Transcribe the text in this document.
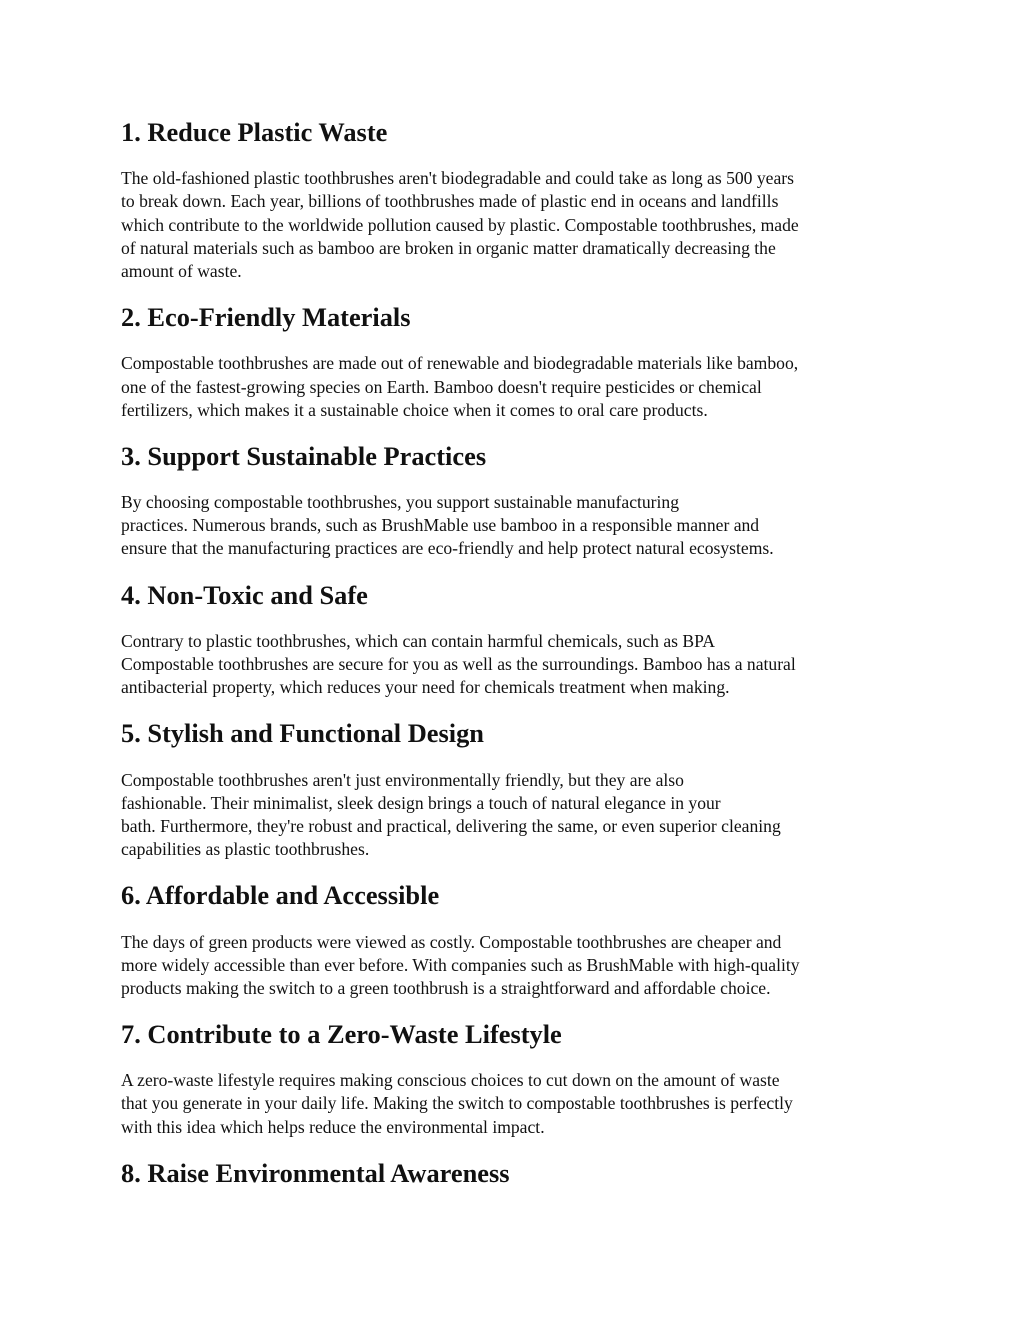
1. Reduce Plastic Waste

The old-fashioned plastic toothbrushes aren't biodegradable and could take as long as 500 years
to break down. Each year, billions of toothbrushes made of plastic end in oceans and landfills
which contribute to the worldwide pollution caused by plastic. Compostable toothbrushes, made
of natural materials such as bamboo are broken in organic matter dramatically decreasing the
amount of waste.

2. Eco-Friendly Materials

Compostable toothbrushes are made out of renewable and biodegradable materials like bamboo,
one of the fastest-growing species on Earth. Bamboo doesn't require pesticides or chemical
fertilizers, which makes it a sustainable choice when it comes to oral care products.

3. Support Sustainable Practices

By choosing compostable toothbrushes, you support sustainable manufacturing
practices. Numerous brands, such as BrushMable use bamboo in a responsible manner and
ensure that the manufacturing practices are eco-friendly and help protect natural ecosystems.

4. Non-Toxic and Safe

Contrary to plastic toothbrushes, which can contain harmful chemicals, such as BPA
Compostable toothbrushes are secure for you as well as the surroundings. Bamboo has a natural
antibacterial property, which reduces your need for chemicals treatment when making.

5. Stylish and Functional Design

Compostable toothbrushes aren't just environmentally friendly, but they are also
fashionable. Their minimalist, sleek design brings a touch of natural elegance in your
bath. Furthermore, they're robust and practical, delivering the same, or even superior cleaning
capabilities as plastic toothbrushes.

6. Affordable and Accessible

The days of green products were viewed as costly. Compostable toothbrushes are cheaper and
more widely accessible than ever before. With companies such as BrushMable with high-quality
products making the switch to a green toothbrush is a straightforward and affordable choice.

7. Contribute to a Zero-Waste Lifestyle

A zero-waste lifestyle requires making conscious choices to cut down on the amount of waste
that you generate in your daily life. Making the switch to compostable toothbrushes is perfectly
with this idea which helps reduce the environmental impact.

8. Raise Environmental Awareness
